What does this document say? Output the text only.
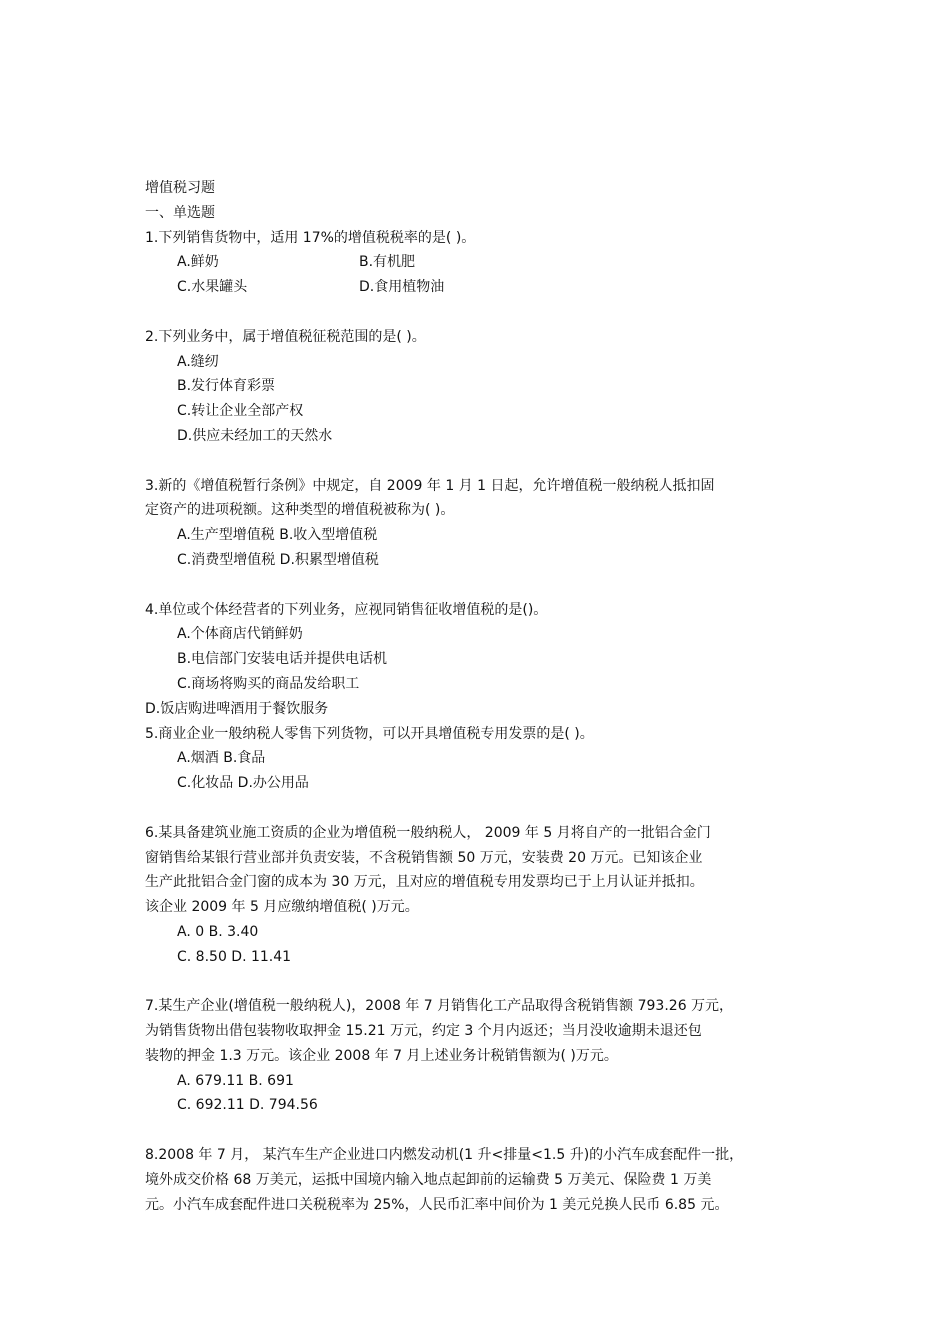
增值税习题
一、单选题
1.下列销售货物中，适用 17%的增值税税率的是( )。
A.鲜奶	B.有机肥
C.水果罐头	D.食用植物油
2.下列业务中，属于增值税征税范围的是( )。
A.缝纫
B.发行体育彩票
C.转让企业全部产权
D.供应未经加工的天然水
3.新的《增值税暂行条例》中规定，自 2009 年 1 月 1 日起，允许增值税一般纳税人抵扣固
定资产的进项税额。这种类型的增值税被称为( )。
A.生产型增值税 B.收入型增值税
C.消费型增值税 D.积累型增值税
4.单位或个体经营者的下列业务，应视同销售征收增值税的是()。
A.个体商店代销鲜奶
B.电信部门安装电话并提供电话机
C.商场将购买的商品发给职工
D.饭店购进啤酒用于餐饮服务
5.商业企业一般纳税人零售下列货物，可以开具增值税专用发票的是( )。
A.烟酒 B.食品
C.化妆品 D.办公用品
6.某具备建筑业施工资质的企业为增值税一般纳税人， 2009 年 5 月将自产的一批铝合金门
窗销售给某银行营业部并负责安装，不含税销售额 50 万元，安装费 20 万元。已知该企业
生产此批铝合金门窗的成本为 30 万元，且对应的增值税专用发票均已于上月认证并抵扣。
该企业 2009 年 5 月应缴纳增值税( )万元。
A. 0 B. 3.40
C. 8.50 D. 11.41
7.某生产企业(增值税一般纳税人)，2008 年 7 月销售化工产品取得含税销售额 793.26 万元，
为销售货物出借包装物收取押金 15.21 万元，约定 3 个月内返还；当月没收逾期未退还包
装物的押金 1.3 万元。该企业 2008 年 7 月上述业务计税销售额为( )万元。
A. 679.11 B. 691
C. 692.11 D. 794.56
8.2008 年 7 月， 某汽车生产企业进口内燃发动机(1 升<排量<1.5 升)的小汽车成套配件一批，
境外成交价格 68 万美元，运抵中国境内输入地点起卸前的运输费 5 万美元、保险费 1 万美
元。小汽车成套配件进口关税税率为 25%，人民币汇率中间价为 1 美元兑换人民币 6.85 元。
